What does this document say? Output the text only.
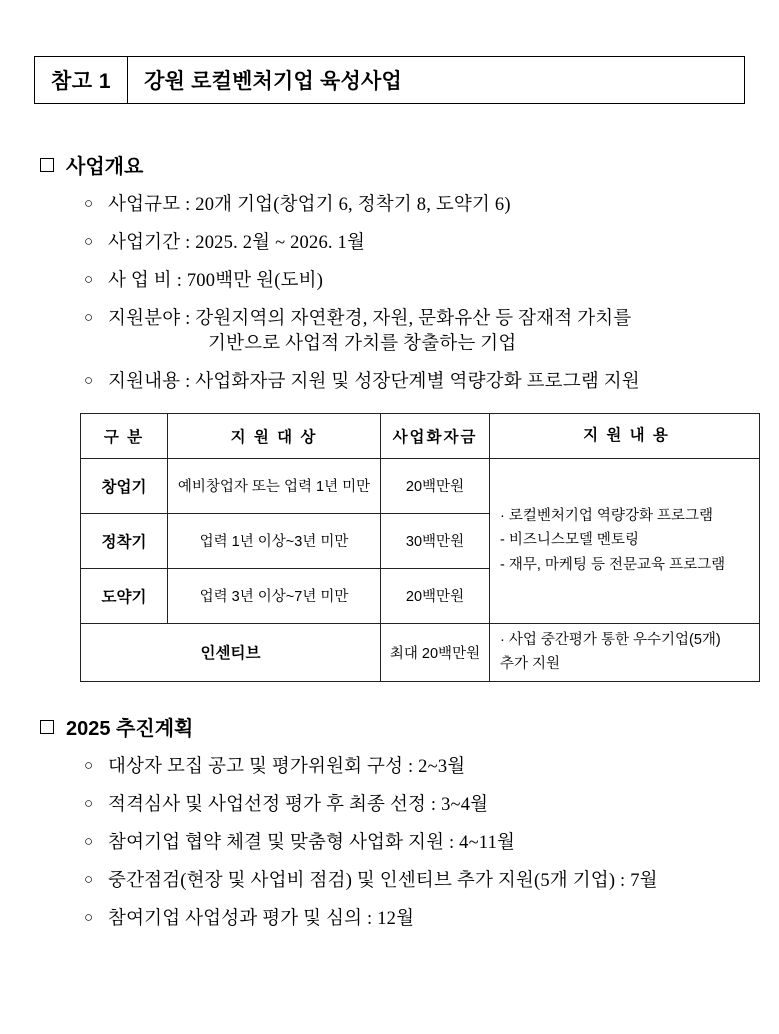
참고 1	강원 로컬벤처기업 육성사업
사업개요
○ 사업규모 : 20개 기업(창업기 6, 정착기 8, 도약기 6)
○ 사업기간 : 2025. 2월 ~ 2026. 1월
○ 사 업 비 : 700백만 원(도비)
○ 지원분야 : 강원지역의 자연환경, 자원, 문화유산 등 잠재적 가치를
기반으로 사업적 가치를 창출하는 기업
○ 지원내용 : 사업화자금 지원 및 성장단계별 역량강화 프로그램 지원
구 분	지 원 대 상	사업화자금	지 원 내 용
창업기	예비창업자 또는 업력 1년 미만	20백만원	· 로컬벤처기업 역량강화 프로그램
- 비즈니스모델 멘토링
- 재무, 마케팅 등 전문교육 프로그램

정착기	업력 1년 이상~3년 미만	30백만원	
도약기	업력 3년 이상~7년 미만	20백만원	
인센티브		최대 20백만원	· 사업 중간평가 통한 우수기업(5개)
추가 지원
2025 추진계획
○ 대상자 모집 공고 및 평가위원회 구성 : 2~3월
○ 적격심사 및 사업선정 평가 후 최종 선정 : 3~4월
○ 참여기업 협약 체결 및 맞춤형 사업화 지원 : 4~11월
○ 중간점검(현장 및 사업비 점검) 및 인센티브 추가 지원(5개 기업) : 7월
○ 참여기업 사업성과 평가 및 심의 : 12월
